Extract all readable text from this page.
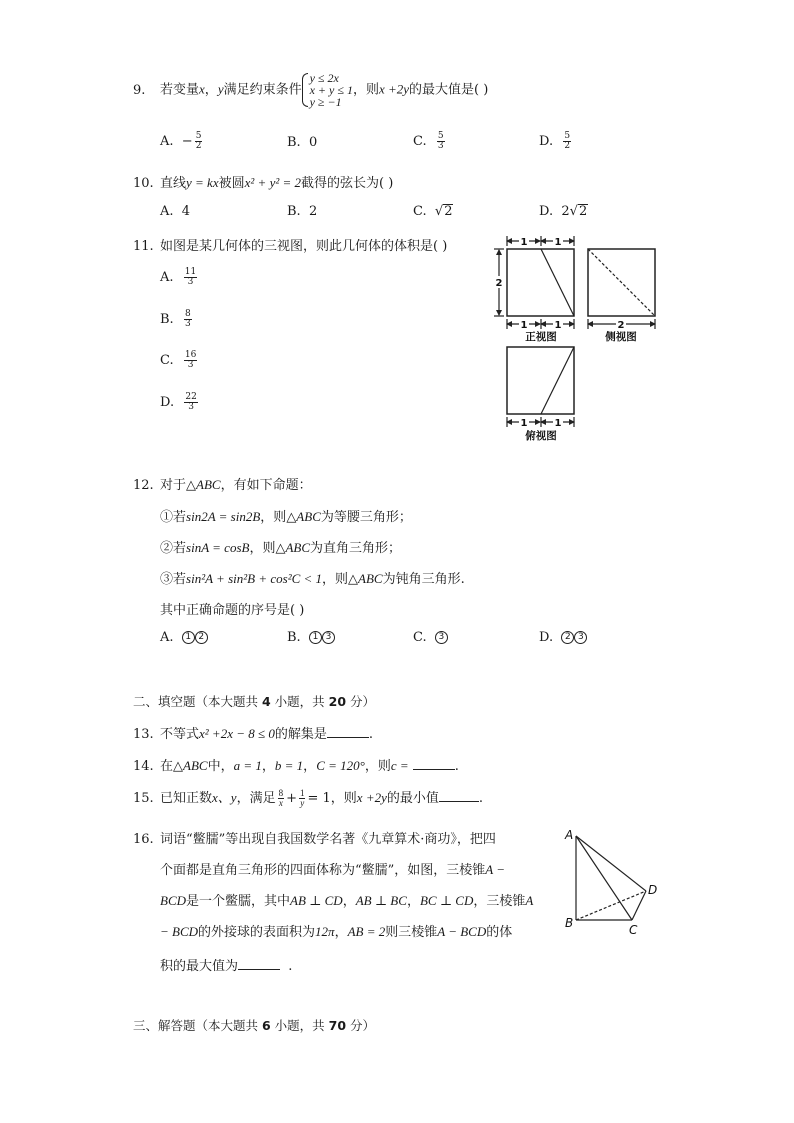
9. 若变量x，y满足约束条件
y ≤ 2x
x + y ≤ 1
y ≥ −1
，则x +2y的最大值是( )
A. − $\frac{5}{2}$	B. 0	C. $\frac{5}{3}$	D. $\frac{5}{2}$
10. 直线y = kx被圆x² + y² = 2截得的弦长为( )
A. 4	B. 2	C.  √2	D. 2√2
11. 如图是某几何体的三视图，则此几何体的体积是( )
A. $\frac{11}{3}$
B. $\frac{8}{3}$
C. $\frac{16}{3}$
D. $\frac{22}{3}$
1	1
2
1	1	2
1	1
正视图	侧视图
俯视图
12. 对于△ABC，有如下命题：
①若sin2A = sin2B，则△ABC为等腰三角形；
②若sinA = cosB，则△ABC为直角三角形；
③若sin²A + sin²B + cos²C < 1，则△ABC为钝角三角形.
其中正确命题的序号是( )
A. 1 2	B. 1 3	C. 3	D. 2 3
二、填空题（本大题共 4 小题，共 20 分）
13. 不等式x² +2x − 8 ≤ 0的解集是	.
14. 在△ABC中，a = 1，b = 1，C = 120°，则c =	.
15. 已知正数x、y，满足 $\frac{8}{x} + \frac{1}{y} = 1$，则x +2y的最小值	.
16. 词语“鳖臑”等出现自我国数学名著《九章算术·商功》，把四
个面都是直角三角形的四面体称为“鳖臑”，如图，三棱锥A −
BCD是一个鳖臑，其中AB ⊥ CD，AB ⊥ BC，BC ⊥ CD，三棱锥A
− BCD的外接球的表面积为12π，AB = 2则三棱锥A − BCD的体
积的最大值为	.
A
B	C
D
三、解答题（本大题共 6 小题，共 70 分）
